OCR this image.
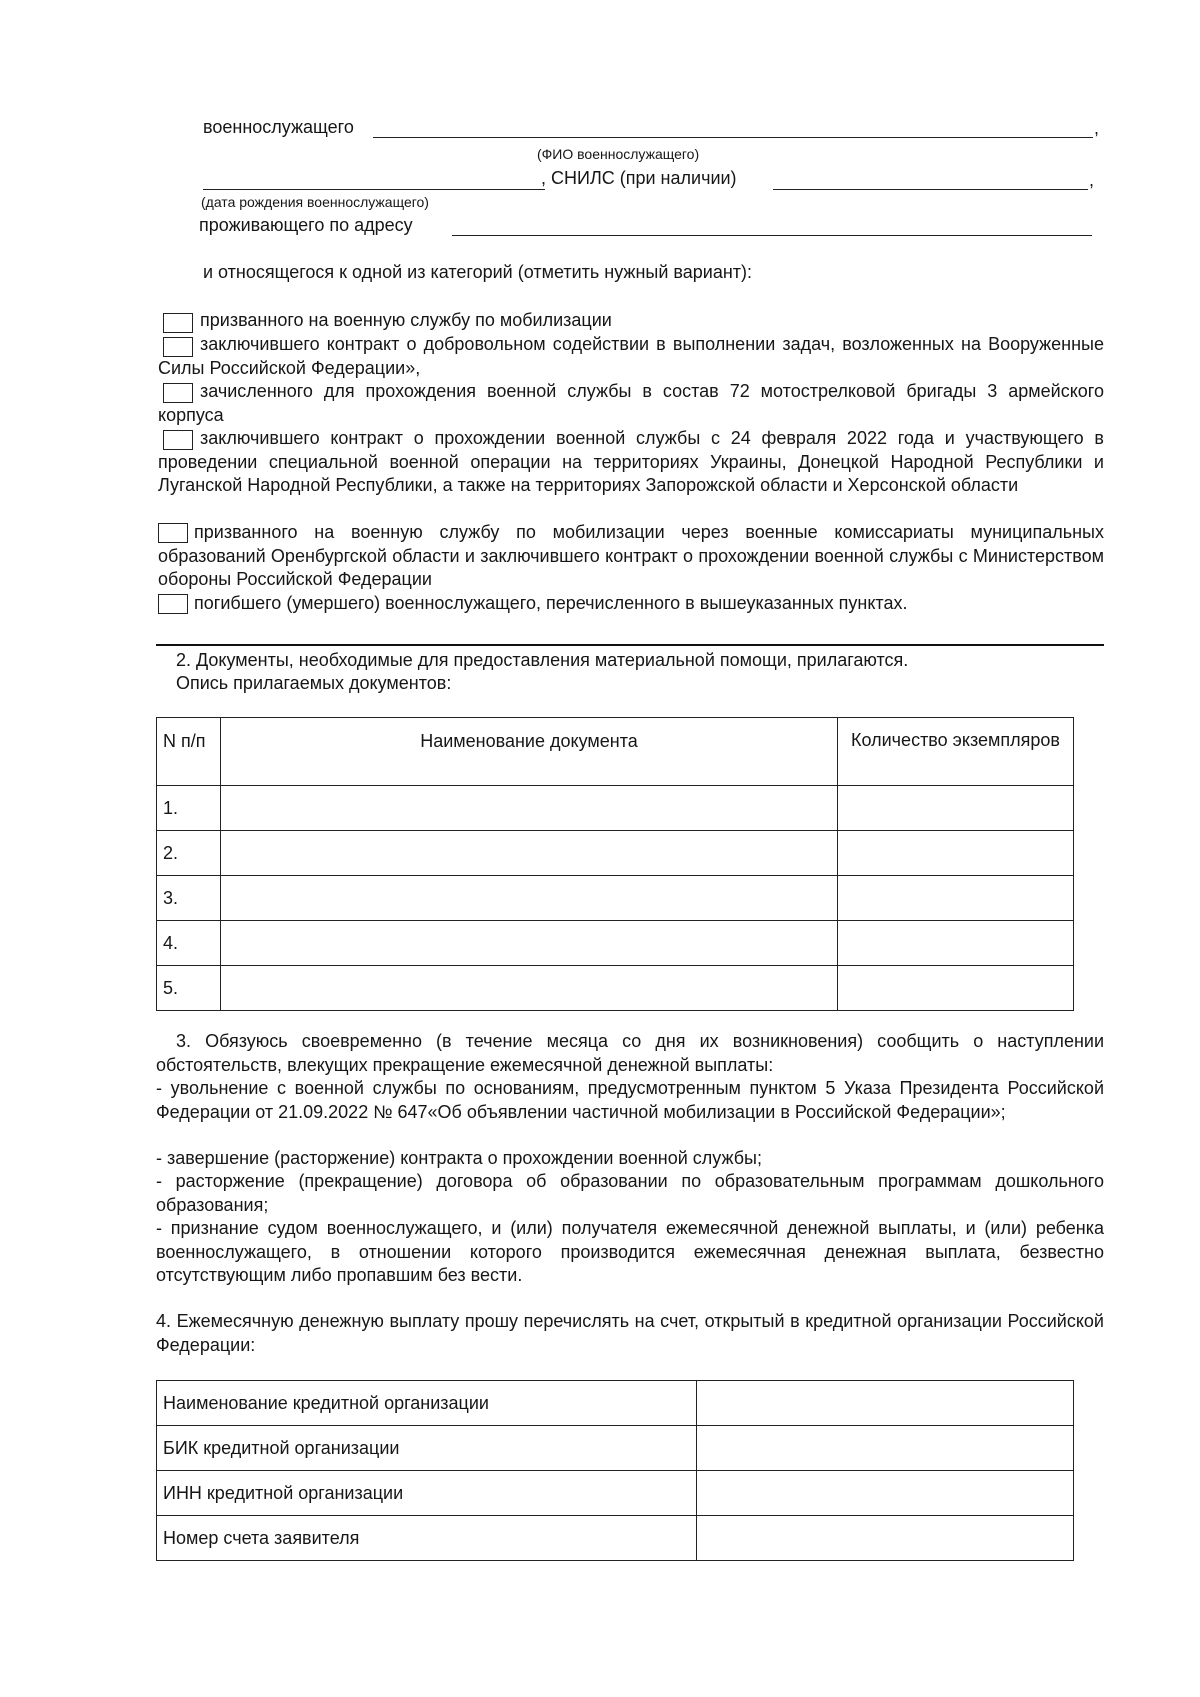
военнослужащего	,
(ФИО военнослужащего)
, СНИЛС (при наличии)	,
(дата рождения военнослужащего)
проживающего по адресу
и относящегося к одной из категорий (отметить нужный вариант):
призванного на военную службу по мобилизации
заключившего контракт о добровольном содействии в выполнении задач, возложенных на Вооруженные Силы Российской Федерации»,
зачисленного для прохождения военной службы в состав 72 мотострелковой бригады 3 армейского корпуса
заключившего контракт о прохождении военной службы с 24 февраля 2022 года и участвующего в проведении специальной военной операции на территориях Украины, Донецкой Народной Республики и Луганской Народной Республики, а также на территориях Запорожской области и Херсонской области
призванного на военную службу по мобилизации через военные комиссариаты муниципальных образований Оренбургской области и заключившего контракт о прохождении военной службы с Министерством обороны Российской Федерации
погибшего (умершего) военнослужащего, перечисленного в вышеуказанных пунктах.
2. Документы, необходимые для предоставления материальной помощи, прилагаются.
Опись прилагаемых документов:
N п/п	Наименование документа	Количество экземпляров
1.		
2.		
3.		
4.		
5.		
3. Обязуюсь своевременно (в течение месяца со дня их возникновения) сообщить о наступлении обстоятельств, влекущих прекращение ежемесячной денежной выплаты:
- увольнение с военной службы по основаниям, предусмотренным пунктом 5 Указа Президента Российской Федерации от 21.09.2022 № 647«Об объявлении частичной мобилизации в Российской Федерации»;
- завершение (расторжение) контракта о прохождении военной службы;
- расторжение (прекращение) договора об образовании по образовательным программам дошкольного образования;
- признание судом военнослужащего, и (или) получателя ежемесячной денежной выплаты, и (или) ребенка военнослужащего, в отношении которого производится ежемесячная денежная выплата, безвестно отсутствующим либо пропавшим без вести.
4. Ежемесячную денежную выплату прошу перечислять на счет, открытый в кредитной организации Российской Федерации:
Наименование кредитной организации	
БИК кредитной организации	
ИНН кредитной организации	
Номер счета заявителя	
